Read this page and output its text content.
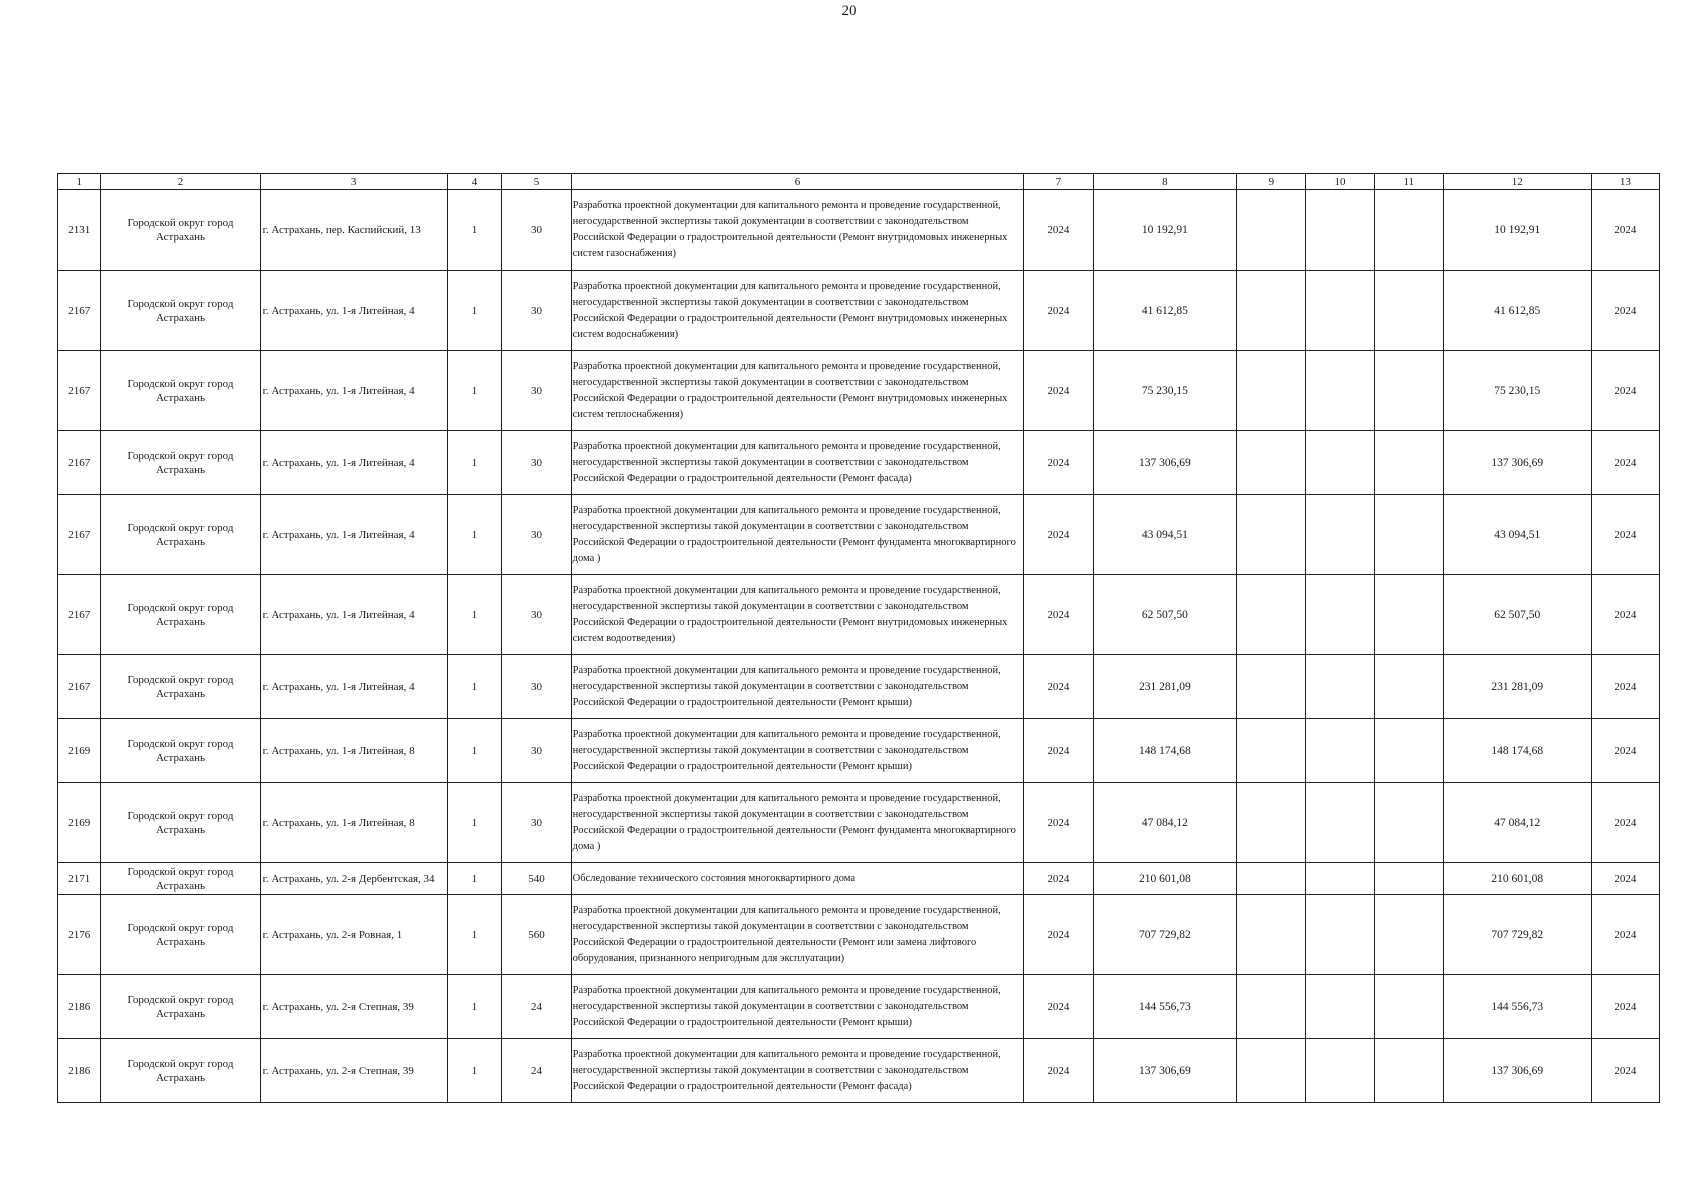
20
1	2	3	4	5	6	7	8	9	10	11	12	13
2131	Городской округ город Астрахань	г. Астрахань, пер. Каспийский, 13	1	30	Разработка проектной документации для капитального ремонта и проведение государственной, негосударственной экспертизы такой документации в соответствии с законодательством Российской Федерации о градостроительной деятельности (Ремонт внутридомовых инженерных систем газоснабжения)	2024	10 192,91				10 192,91	2024
2167	Городской округ город Астрахань	г. Астрахань, ул. 1-я Литейная, 4	1	30	Разработка проектной документации для капитального ремонта и проведение государственной, негосударственной экспертизы такой документации в соответствии с законодательством Российской Федерации о градостроительной деятельности (Ремонт внутридомовых инженерных систем водоснабжения)	2024	41 612,85				41 612,85	2024
2167	Городской округ город Астрахань	г. Астрахань, ул. 1-я Литейная, 4	1	30	Разработка проектной документации для капитального ремонта и проведение государственной, негосударственной экспертизы такой документации в соответствии с законодательством Российской Федерации о градостроительной деятельности (Ремонт внутридомовых инженерных систем теплоснабжения)	2024	75 230,15				75 230,15	2024
2167	Городской округ город Астрахань	г. Астрахань, ул. 1-я Литейная, 4	1	30	Разработка проектной документации для капитального ремонта и проведение государственной, негосударственной экспертизы такой документации в соответствии с законодательством Российской Федерации о градостроительной деятельности (Ремонт фасада)	2024	137 306,69				137 306,69	2024
2167	Городской округ город Астрахань	г. Астрахань, ул. 1-я Литейная, 4	1	30	Разработка проектной документации для капитального ремонта и проведение государственной, негосударственной экспертизы такой документации в соответствии с законодательством Российской Федерации о градостроительной деятельности (Ремонт фундамента многоквартирного дома )	2024	43 094,51				43 094,51	2024
2167	Городской округ город Астрахань	г. Астрахань, ул. 1-я Литейная, 4	1	30	Разработка проектной документации для капитального ремонта и проведение государственной, негосударственной экспертизы такой документации в соответствии с законодательством Российской Федерации о градостроительной деятельности (Ремонт внутридомовых инженерных систем водоотведения)	2024	62 507,50				62 507,50	2024
2167	Городской округ город Астрахань	г. Астрахань, ул. 1-я Литейная, 4	1	30	Разработка проектной документации для капитального ремонта и проведение государственной, негосударственной экспертизы такой документации в соответствии с законодательством Российской Федерации о градостроительной деятельности (Ремонт крыши)	2024	231 281,09				231 281,09	2024
2169	Городской округ город Астрахань	г. Астрахань, ул. 1-я Литейная, 8	1	30	Разработка проектной документации для капитального ремонта и проведение государственной, негосударственной экспертизы такой документации в соответствии с законодательством Российской Федерации о градостроительной деятельности (Ремонт крыши)	2024	148 174,68				148 174,68	2024
2169	Городской округ город Астрахань	г. Астрахань, ул. 1-я Литейная, 8	1	30	Разработка проектной документации для капитального ремонта и проведение государственной, негосударственной экспертизы такой документации в соответствии с законодательством Российской Федерации о градостроительной деятельности (Ремонт фундамента многоквартирного дома )	2024	47 084,12				47 084,12	2024
2171	Городской округ город Астрахань	г. Астрахань, ул. 2-я Дербентская, 34	1	540	Обследование технического состояния многоквартирного дома	2024	210 601,08				210 601,08	2024
2176	Городской округ город Астрахань	г. Астрахань, ул. 2-я Ровная, 1	1	560	Разработка проектной документации для капитального ремонта и проведение государственной, негосударственной экспертизы такой документации в соответствии с законодательством Российской Федерации о градостроительной деятельности (Ремонт или замена лифтового оборудования, признанного непригодным для эксплуатации)	2024	707 729,82				707 729,82	2024
2186	Городской округ город Астрахань	г. Астрахань, ул. 2-я Степная, 39	1	24	Разработка проектной документации для капитального ремонта и проведение государственной, негосударственной экспертизы такой документации в соответствии с законодательством Российской Федерации о градостроительной деятельности (Ремонт крыши)	2024	144 556,73				144 556,73	2024
2186	Городской округ город Астрахань	г. Астрахань, ул. 2-я Степная, 39	1	24	Разработка проектной документации для капитального ремонта и проведение государственной, негосударственной экспертизы такой документации в соответствии с законодательством Российской Федерации о градостроительной деятельности (Ремонт фасада)	2024	137 306,69				137 306,69	2024
